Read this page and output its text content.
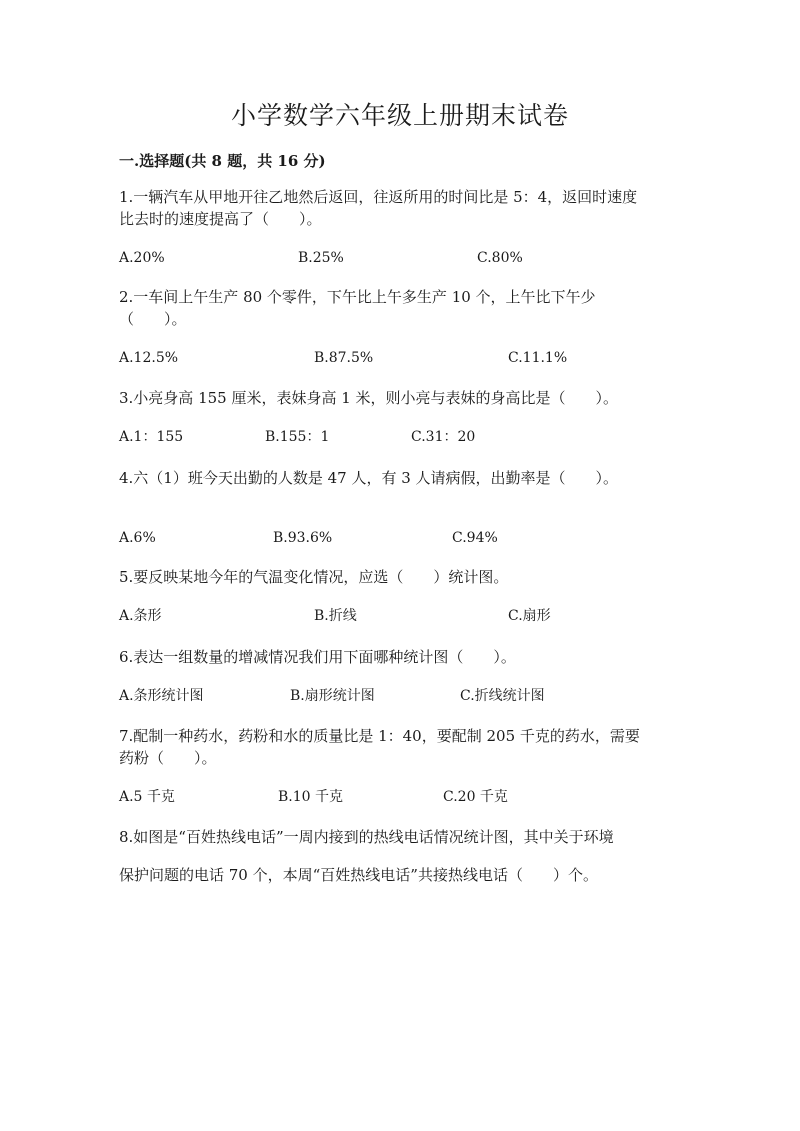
小学数学六年级上册期末试卷
一.选择题(共 8 题，共 16 分)
1.一辆汽车从甲地开往乙地然后返回，往返所用的时间比是 5：4，返回时速度
比去时的速度提高了（　　）。
A.20%	B.25%	C.80%
2.一车间上午生产 80 个零件，下午比上午多生产 10 个，上午比下午少
（　　）。
A.12.5%	B.87.5%	C.11.1%
3.小亮身高 155 厘米，表妹身高 1 米，则小亮与表妹的身高比是（　　）。
A.1：155	B.155：1	C.31：20
4.六（1）班今天出勤的人数是 47 人，有 3 人请病假，出勤率是（　　）。
A.6%	B.93.6%	C.94%
5.要反映某地今年的气温变化情况，应选（　　）统计图。
A.条形	B.折线	C.扇形
6.表达一组数量的增减情况我们用下面哪种统计图（　　）。
A.条形统计图	B.扇形统计图	C.折线统计图
7.配制一种药水，药粉和水的质量比是 1：40，要配制 205 千克的药水，需要
药粉（　　）。
A.5 千克	B.10 千克	C.20 千克
8.如图是“百姓热线电话”一周内接到的热线电话情况统计图，其中关于环境
保护问题的电话 70 个，本周“百姓热线电话”共接热线电话（　　）个。
